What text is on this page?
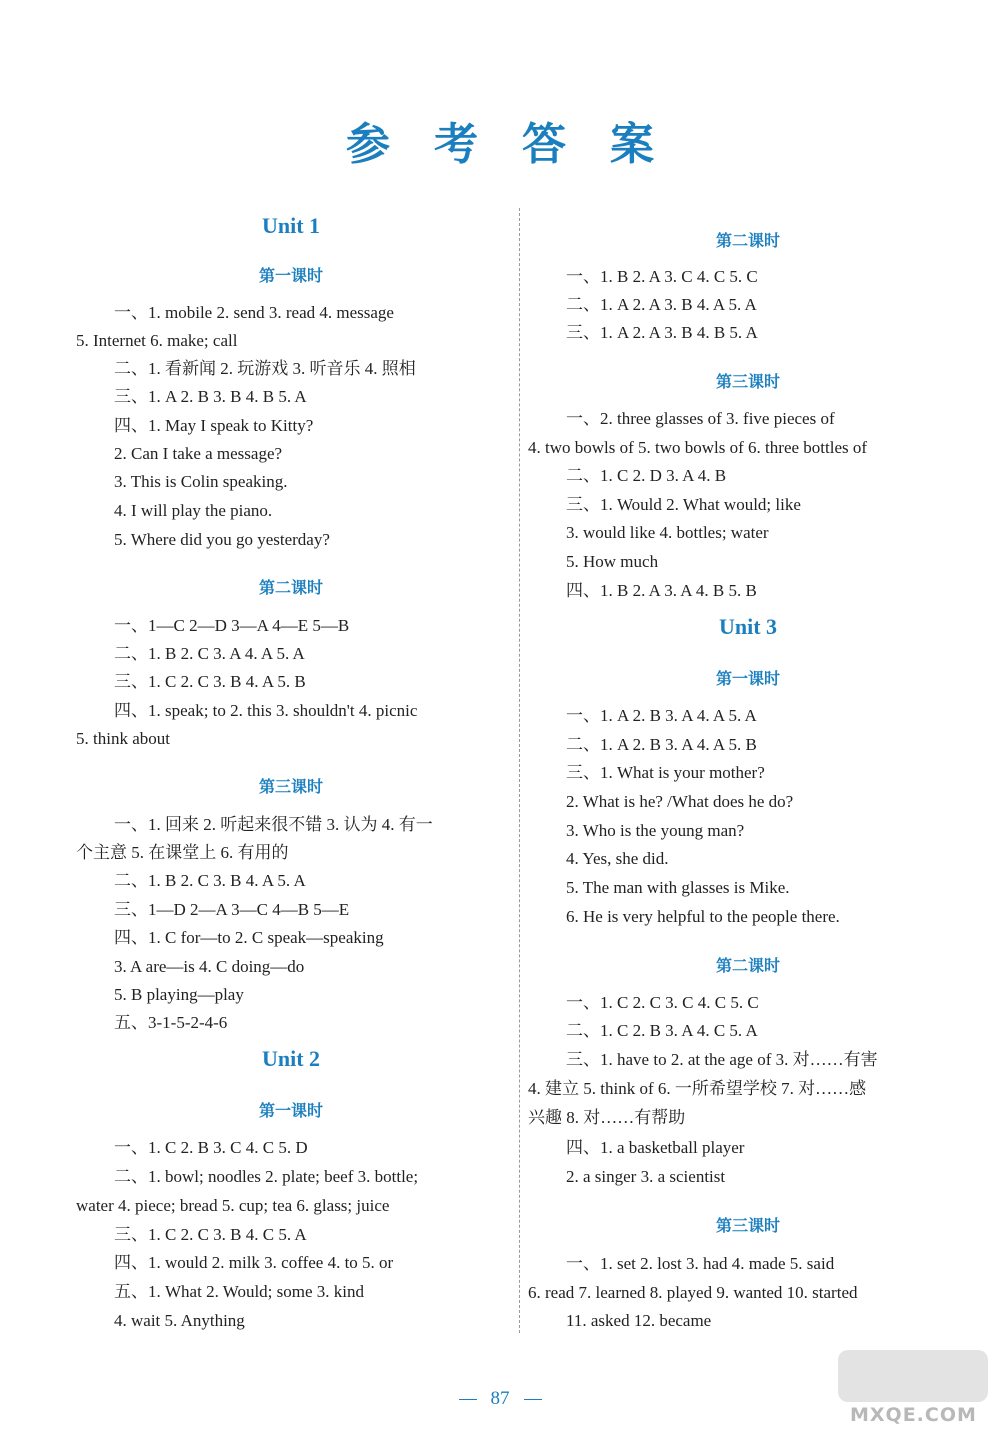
参考答案
Unit 1
第一课时
一、1. mobile 2. send 3. read 4. message
5. Internet 6. make; call
二、1. 看新闻 2. 玩游戏 3. 听音乐 4. 照相
三、1. A 2. B 3. B 4. B 5. A
四、1. May I speak to Kitty?
2. Can I take a message?
3. This is Colin speaking.
4. I will play the piano.
5. Where did you go yesterday?
第二课时
一、1—C 2—D 3—A 4—E 5—B
二、1. B 2. C 3. A 4. A 5. A
三、1. C 2. C 3. B 4. A 5. B
四、1. speak; to 2. this 3. shouldn't 4. picnic
5. think about
第三课时
一、1. 回来 2. 听起来很不错 3. 认为 4. 有一
个主意 5. 在课堂上 6. 有用的
二、1. B 2. C 3. B 4. A 5. A
三、1—D 2—A 3—C 4—B 5—E
四、1. C for—to 2. C speak—speaking
3. A are—is 4. C doing—do
5. B playing—play
五、3-1-5-2-4-6
Unit 2
第一课时
一、1. C 2. B 3. C 4. C 5. D
二、1. bowl; noodles 2. plate; beef 3. bottle;
water 4. piece; bread 5. cup; tea 6. glass; juice
三、1. C 2. C 3. B 4. C 5. A
四、1. would 2. milk 3. coffee 4. to 5. or
五、1. What 2. Would; some 3. kind
4. wait 5. Anything
第二课时
一、1. B 2. A 3. C 4. C 5. C
二、1. A 2. A 3. B 4. A 5. A
三、1. A 2. A 3. B 4. B 5. A
第三课时
一、2. three glasses of 3. five pieces of
4. two bowls of 5. two bowls of 6. three bottles of
二、1. C 2. D 3. A 4. B
三、1. Would 2. What would; like
3. would like 4. bottles; water
5. How much
四、1. B 2. A 3. A 4. B 5. B
Unit 3
第一课时
一、1. A 2. B 3. A 4. A 5. A
二、1. A 2. B 3. A 4. A 5. B
三、1. What is your mother?
2. What is he? /What does he do?
3. Who is the young man?
4. Yes, she did.
5. The man with glasses is Mike.
6. He is very helpful to the people there.
第二课时
一、1. C 2. C 3. C 4. C 5. C
二、1. C 2. B 3. A 4. C 5. A
三、1. have to 2. at the age of 3. 对……有害
4. 建立 5. think of 6. 一所希望学校 7. 对……感
兴趣 8. 对……有帮助
四、1. a basketball player
2. a singer 3. a scientist
第三课时
一、1. set 2. lost 3. had 4. made 5. said
6. read 7. learned 8. played 9. wanted 10. started
11. asked 12. became
87
MXQE.COM
